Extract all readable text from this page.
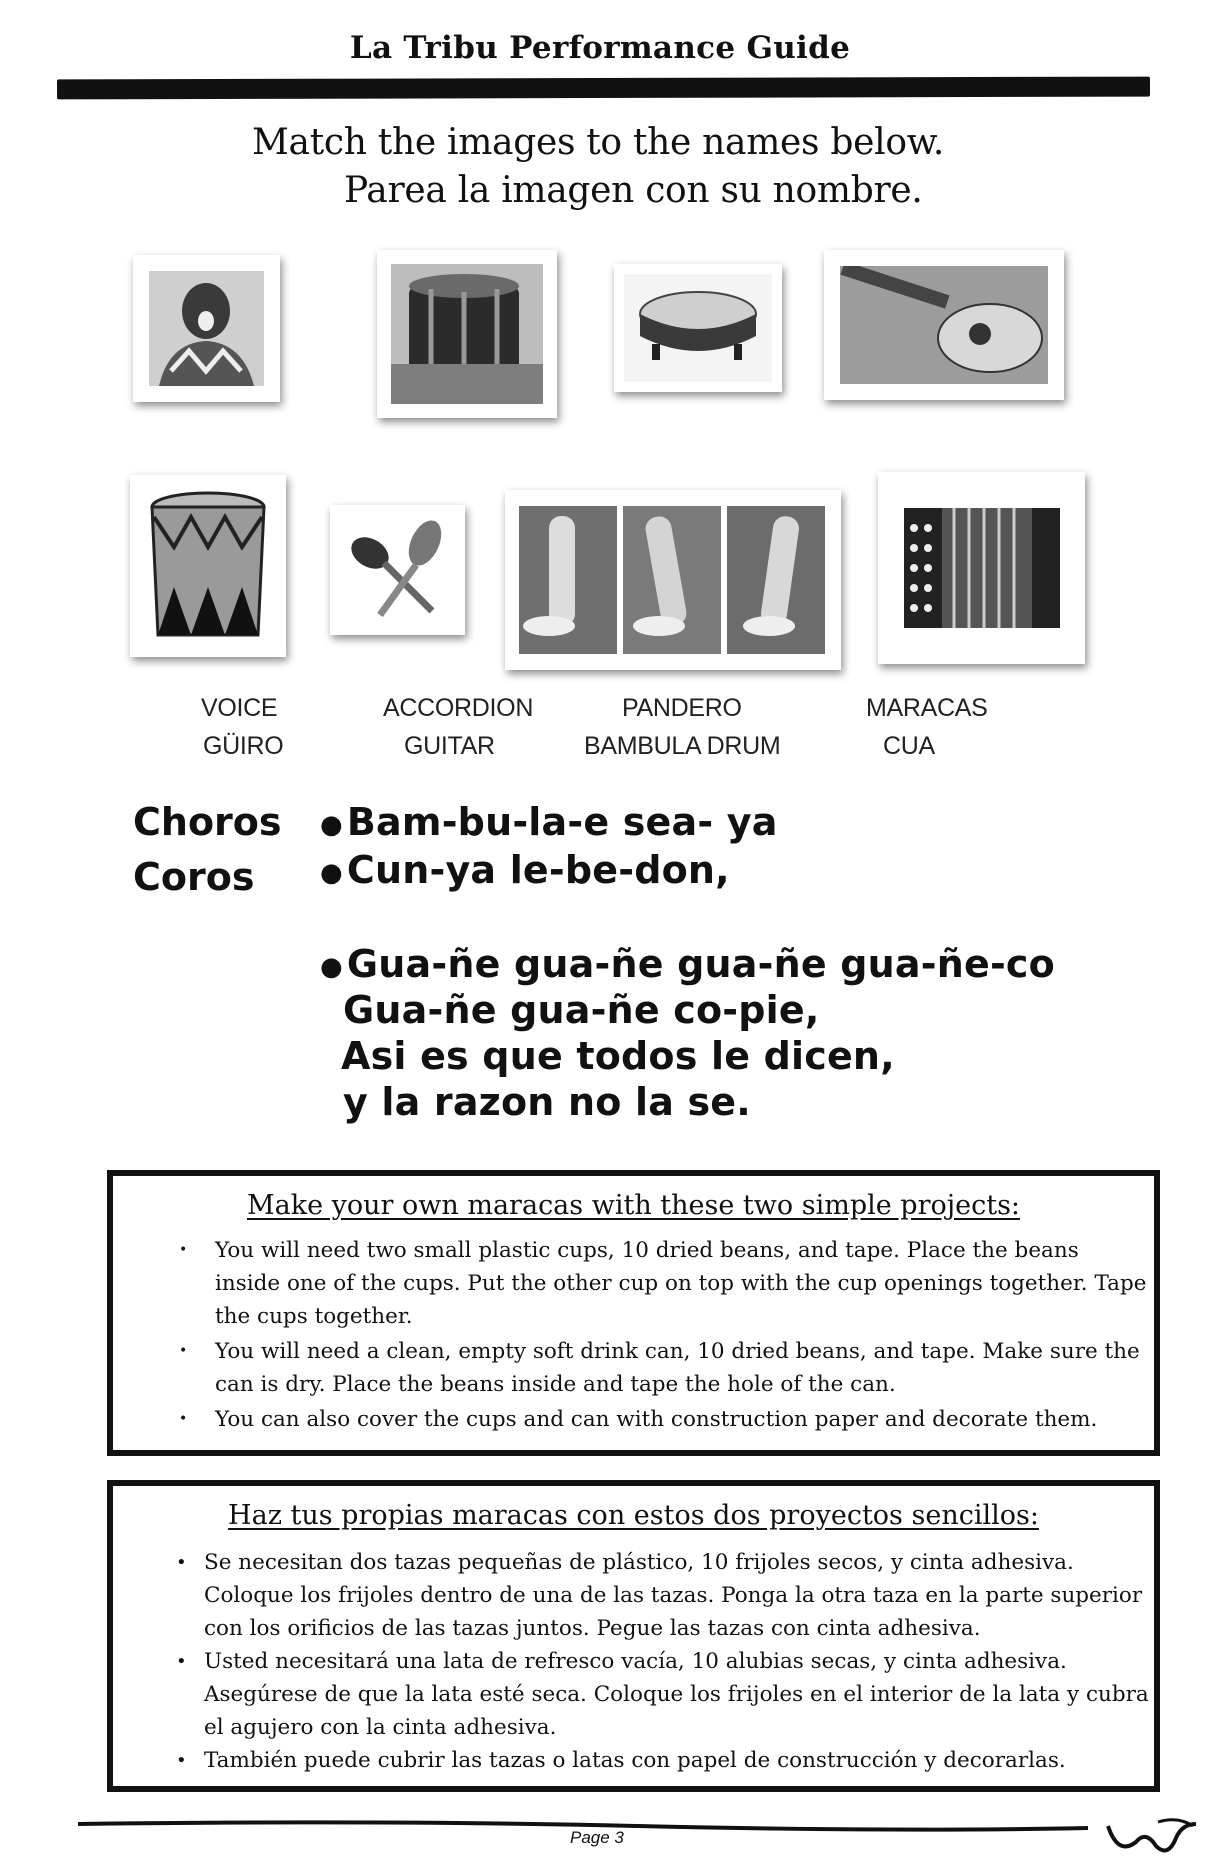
La Tribu Performance Guide
Match the images to the names below.
Parea la imagen con su nombre.
VOICE	ACCORDION	PANDERO	MARACAS
GÜIRO	GUITAR	BAMBULA DRUM	CUA
Choros
Coros
● Bam-bu-la-e sea- ya
● Cun-ya le-be-don,
● Gua-ñe gua-ñe gua-ñe gua-ñe-co
Gua-ñe gua-ñe co-pie,
Asi es que todos le dicen,
y la razon no la se.
Make your own maracas with these two simple projects:
• You will need two small plastic cups, 10 dried beans, and tape. Place the beans inside one of the cups. Put the other cup on top with the cup openings together. Tape the cups together.
• You will need a clean, empty soft drink can, 10 dried beans, and tape. Make sure the can is dry. Place the beans inside and tape the hole of the can.
• You can also cover the cups and can with construction paper and decorate them.
Haz tus propias maracas con estos dos proyectos sencillos:
• Se necesitan dos tazas pequeñas de plástico, 10 frijoles secos, y cinta adhesiva. Coloque los frijoles dentro de una de las tazas. Ponga la otra taza en la parte superior con los orificios de las tazas juntos. Pegue las tazas con cinta adhesiva.
• Usted necesitará una lata de refresco vacía, 10 alubias secas, y cinta adhesiva. Asegúrese de que la lata esté seca. Coloque los frijoles en el interior de la lata y cubra el agujero con la cinta adhesiva.
• También puede cubrir las tazas o latas con papel de construcción y decorarlas.
Page 3
